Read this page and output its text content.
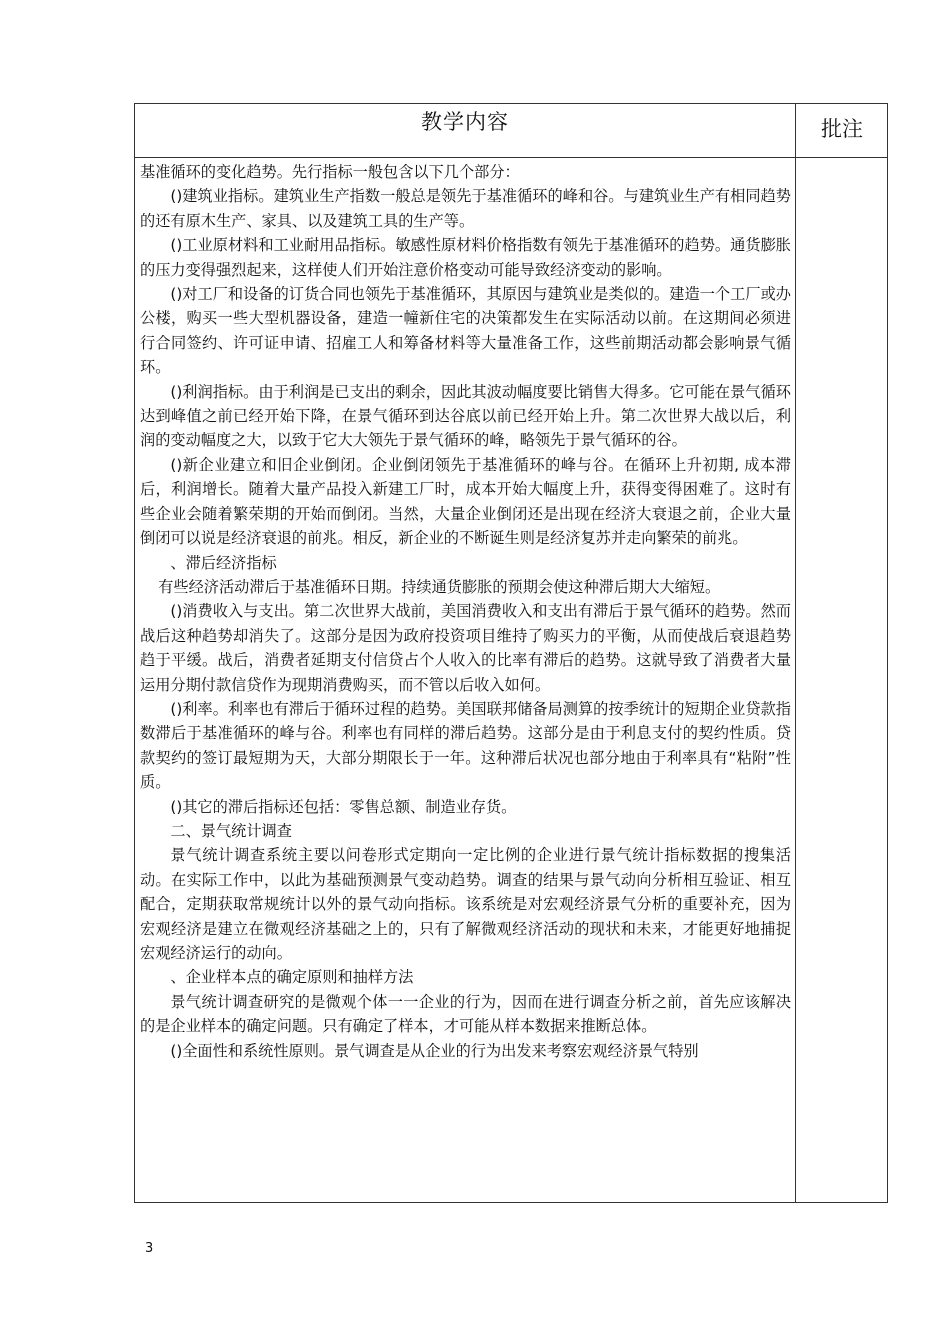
教学内容	批注

基准循环的变化趋势。先行指标一般包含以下几个部分：

()建筑业指标。建筑业生产指数一般总是领先于基准循环的峰和谷。与建筑业生产有相同趋势的还有原木生产、家具、以及建筑工具的生产等。

()工业原材料和工业耐用品指标。敏感性原材料价格指数有领先于基准循环的趋势。通货膨胀的压力变得强烈起来，这样使人们开始注意价格变动可能导致经济变动的影响。

()对工厂和设备的订货合同也领先于基准循环，其原因与建筑业是类似的。建造一个工厂或办公楼，购买一些大型机器设备，建造一幢新住宅的决策都发生在实际活动以前。在这期间必须进行合同签约、许可证申请、招雇工人和筹备材料等大量准备工作，这些前期活动都会影响景气循环。

()利润指标。由于利润是已支出的剩余，因此其波动幅度要比销售大得多。它可能在景气循环达到峰值之前已经开始下降，在景气循环到达谷底以前已经开始上升。第二次世界大战以后，利润的变动幅度之大，以致于它大大领先于景气循环的峰，略领先于景气循环的谷。

()新企业建立和旧企业倒闭。企业倒闭领先于基准循环的峰与谷。在循环上升初期, 成本滞后，利润增长。随着大量产品投入新建工厂时，成本开始大幅度上升，获得变得困难了。这时有些企业会随着繁荣期的开始而倒闭。当然，大量企业倒闭还是出现在经济大衰退之前，企业大量倒闭可以说是经济衰退的前兆。相反，新企业的不断诞生则是经济复苏并走向繁荣的前兆。

、滞后经济指标

有些经济活动滞后于基准循环日期。持续通货膨胀的预期会使这种滞后期大大缩短。

()消费收入与支出。第二次世界大战前，美国消费收入和支出有滞后于景气循环的趋势。然而战后这种趋势却消失了。这部分是因为政府投资项目维持了购买力的平衡，从而使战后衰退趋势趋于平缓。战后，消费者延期支付信贷占个人收入的比率有滞后的趋势。这就导致了消费者大量运用分期付款信贷作为现期消费购买，而不管以后收入如何。

()利率。利率也有滞后于循环过程的趋势。美国联邦储备局测算的按季统计的短期企业贷款指数滞后于基准循环的峰与谷。利率也有同样的滞后趋势。这部分是由于利息支付的契约性质。贷款契约的签订最短期为天，大部分期限长于一年。这种滞后状况也部分地由于利率具有“粘附”性质。

()其它的滞后指标还包括：零售总额、制造业存货。

二、景气统计调查

景气统计调查系统主要以问卷形式定期向一定比例的企业进行景气统计指标数据的搜集活动。在实际工作中，以此为基础预测景气变动趋势。调查的结果与景气动向分析相互验证、相互配合，定期获取常规统计以外的景气动向指标。该系统是对宏观经济景气分析的重要补充，因为宏观经济是建立在微观经济基础之上的，只有了解微观经济活动的现状和未来，才能更好地捕捉宏观经济运行的动向。

、企业样本点的确定原则和抽样方法

景气统计调查研究的是微观个体一一企业的行为，因而在进行调查分析之前，首先应该解决的是企业样本的确定问题。只有确定了样本，才可能从样本数据来推断总体。

()全面性和系统性原则。景气调查是从企业的行为出发来考察宏观经济景气特别

3
